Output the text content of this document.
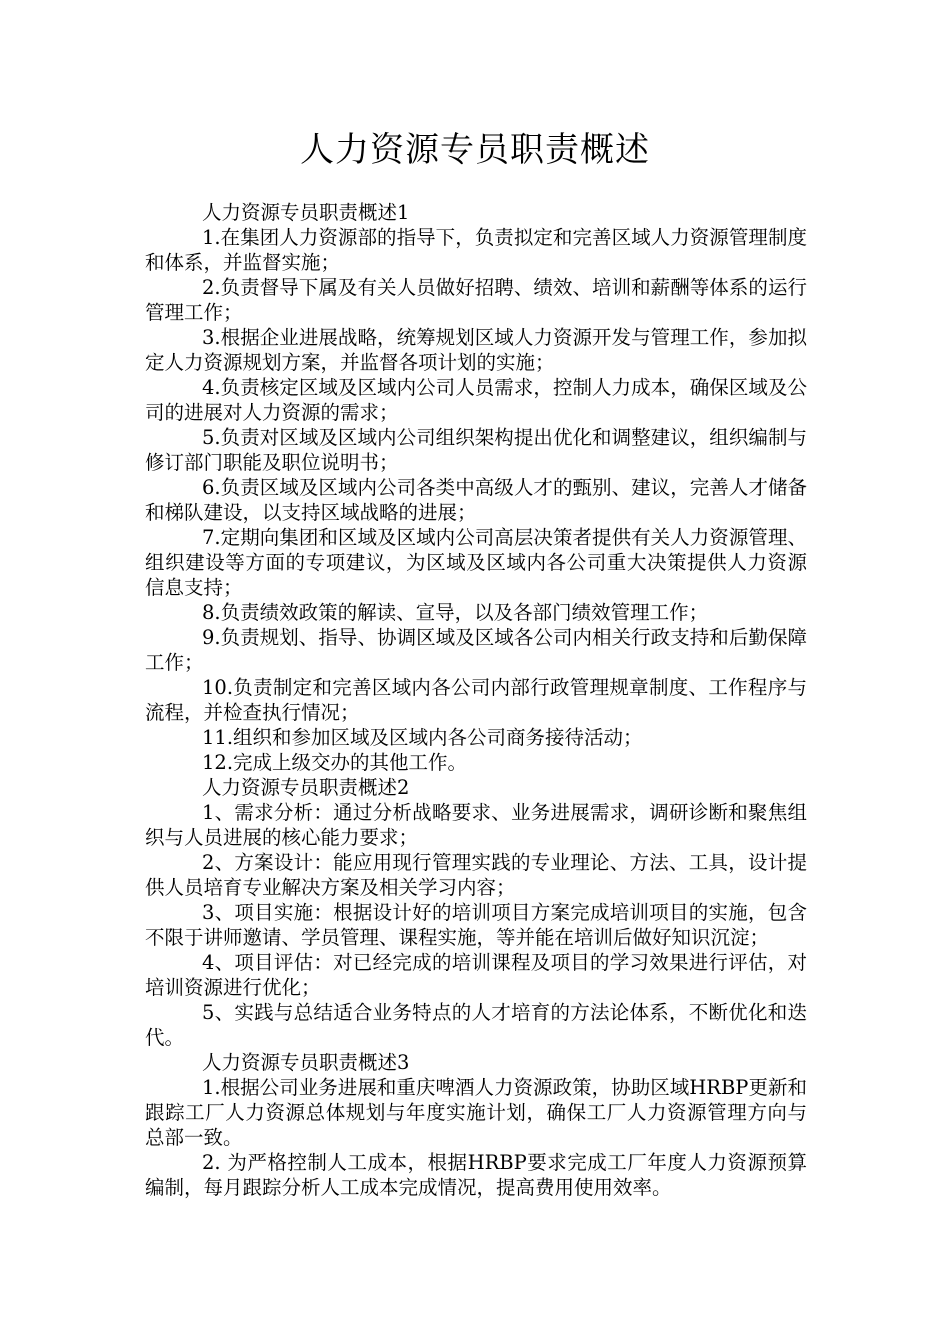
人力资源专员职责概述

人力资源专员职责概述1

1.在集团人力资源部的指导下，负责拟定和完善区域人力资源管理制度和体系，并监督实施；

2.负责督导下属及有关人员做好招聘、绩效、培训和薪酬等体系的运行管理工作；

3.根据企业进展战略，统筹规划区域人力资源开发与管理工作，参加拟定人力资源规划方案，并监督各项计划的实施；

4.负责核定区域及区域内公司人员需求，控制人力成本，确保区域及公司的进展对人力资源的需求；

5.负责对区域及区域内公司组织架构提出优化和调整建议，组织编制与修订部门职能及职位说明书；

6.负责区域及区域内公司各类中高级人才的甄别、建议，完善人才储备和梯队建设，以支持区域战略的进展；

7.定期向集团和区域及区域内公司高层决策者提供有关人力资源管理、组织建设等方面的专项建议，为区域及区域内各公司重大决策提供人力资源信息支持；

8.负责绩效政策的解读、宣导，以及各部门绩效管理工作；

9.负责规划、指导、协调区域及区域各公司内相关行政支持和后勤保障工作；

10.负责制定和完善区域内各公司内部行政管理规章制度、工作程序与流程，并检查执行情况；

11.组织和参加区域及区域内各公司商务接待活动；

12.完成上级交办的其他工作。

人力资源专员职责概述2

1、需求分析：通过分析战略要求、业务进展需求，调研诊断和聚焦组织与人员进展的核心能力要求；

2、方案设计：能应用现行管理实践的专业理论、方法、工具，设计提供人员培育专业解决方案及相关学习内容；

3、项目实施：根据设计好的培训项目方案完成培训项目的实施，包含不限于讲师邀请、学员管理、课程实施，等并能在培训后做好知识沉淀；

4、项目评估：对已经完成的培训课程及项目的学习效果进行评估，对培训资源进行优化；

5、实践与总结适合业务特点的人才培育的方法论体系，不断优化和迭代。

人力资源专员职责概述3

1.根据公司业务进展和重庆啤酒人力资源政策，协助区域HRBP更新和跟踪工厂人力资源总体规划与年度实施计划，确保工厂人力资源管理方向与总部一致。

2. 为严格控制人工成本，根据HRBP要求完成工厂年度人力资源预算编制，每月跟踪分析人工成本完成情况，提高费用使用效率。
